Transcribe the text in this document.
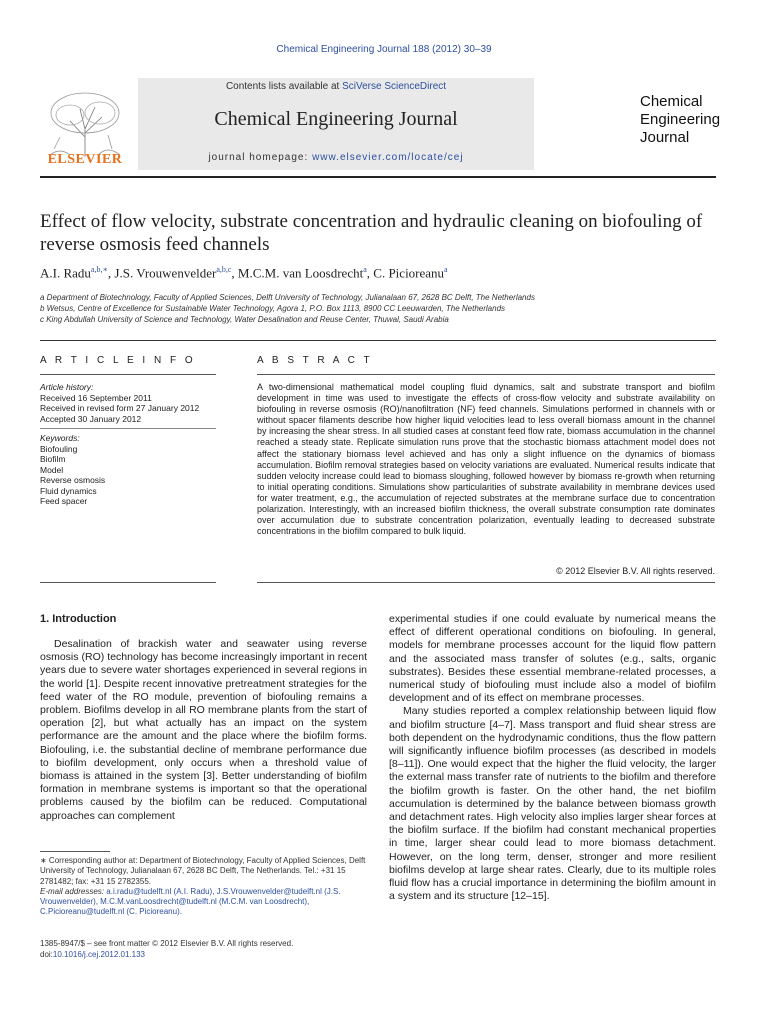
Chemical Engineering Journal 188 (2012) 30–39
ELSEVIER
Contents lists available at SciVerse ScienceDirect
Chemical Engineering Journal
journal homepage: www.elsevier.com/locate/cej
Chemical
Engineering
Journal
Effect of flow velocity, substrate concentration and hydraulic cleaning on biofouling of reverse osmosis feed channels
A.I. Radu$^{a,b,∗}$, J.S. Vrouwenvelder$^{a,b,c}$, M.C.M. van Loosdrecht$^a$, C. Picioreanu$^a$
a Department of Biotechnology, Faculty of Applied Sciences, Delft University of Technology, Julianalaan 67, 2628 BC Delft, The Netherlands
b Wetsus, Centre of Excellence for Sustainable Water Technology, Agora 1, P.O. Box 1113, 8900 CC Leeuwarden, The Netherlands
c King Abdullah University of Science and Technology, Water Desalination and Reuse Center, Thuwal, Saudi Arabia
A R T I C L E I N F O
Article history:
Received 16 September 2011
Received in revised form 27 January 2012
Accepted 30 January 2012
Keywords:
Biofouling
Biofilm
Model
Reverse osmosis
Fluid dynamics
Feed spacer
A B S T R A C T
A two-dimensional mathematical model coupling fluid dynamics, salt and substrate transport and biofilm development in time was used to investigate the effects of cross-flow velocity and substrate availability on biofouling in reverse osmosis (RO)/nanofiltration (NF) feed channels. Simulations performed in channels with or without spacer filaments describe how higher liquid velocities lead to less overall biomass amount in the channel by increasing the shear stress. In all studied cases at constant feed flow rate, biomass accumulation in the channel reached a steady state. Replicate simulation runs prove that the stochastic biomass attachment model does not affect the stationary biomass level achieved and has only a slight influence on the dynamics of biomass accumulation. Biofilm removal strategies based on velocity variations are evaluated. Numerical results indicate that sudden velocity increase could lead to biomass sloughing, followed however by biomass re-growth when returning to initial operating conditions. Simulations show particularities of substrate availability in membrane devices used for water treatment, e.g., the accumulation of rejected substrates at the membrane surface due to concentration polarization. Interestingly, with an increased biofilm thickness, the overall substrate consumption rate dominates over accumulation due to substrate concentration polarization, eventually leading to decreased substrate concentrations in the biofilm compared to bulk liquid.
© 2012 Elsevier B.V. All rights reserved.
1. Introduction

Desalination of brackish water and seawater using reverse osmosis (RO) technology has become increasingly important in recent years due to severe water shortages experienced in several regions in the world [1]. Despite recent innovative pretreatment strategies for the feed water of the RO module, prevention of biofouling remains a problem. Biofilms develop in all RO membrane plants from the start of operation [2], but what actually has an impact on the system performance are the amount and the place where the biofilm forms. Biofouling, i.e. the substantial decline of membrane performance due to biofilm development, only occurs when a threshold value of biomass is attained in the system [3]. Better understanding of biofilm formation in membrane systems is important so that the operational problems caused by the biofilm can be reduced. Computational approaches can complement

experimental studies if one could evaluate by numerical means the effect of different operational conditions on biofouling. In general, models for membrane processes account for the liquid flow pattern and the associated mass transfer of solutes (e.g., salts, organic substrates). Besides these essential membrane-related processes, a numerical study of biofouling must include also a model of biofilm development and of its effect on membrane processes.

Many studies reported a complex relationship between liquid flow and biofilm structure [4–7]. Mass transport and fluid shear stress are both dependent on the hydrodynamic conditions, thus the flow pattern will significantly influence biofilm processes (as described in models [8–11]). One would expect that the higher the fluid velocity, the larger the external mass transfer rate of nutrients to the biofilm and therefore the biofilm growth is faster. On the other hand, the net biofilm accumulation is determined by the balance between biomass growth and detachment rates. High velocity also implies larger shear forces at the biofilm surface. If the biofilm had constant mechanical properties in time, larger shear could lead to more biomass detachment. However, on the long term, denser, stronger and more resilient biofilms develop at large shear rates. Clearly, due to its multiple roles fluid flow has a crucial importance in determining the biofilm amount in a system and its structure [12–15].

∗ Corresponding author at: Department of Biotechnology, Faculty of Applied Sciences, Delft University of Technology, Julianalaan 67, 2628 BC Delft, The Netherlands. Tel.: +31 15 2781482; fax: +31 15 2782355.
E-mail addresses: a.i.radu@tudelft.nl (A.I. Radu), J.S.Vrouwenvelder@tudelft.nl (J.S. Vrouwenvelder), M.C.M.vanLoosdrecht@tudelft.nl (M.C.M. van Loosdrecht), C.Picioreanu@tudelft.nl (C. Picioreanu).
1385-8947/$ – see front matter © 2012 Elsevier B.V. All rights reserved.
doi:10.1016/j.cej.2012.01.133
